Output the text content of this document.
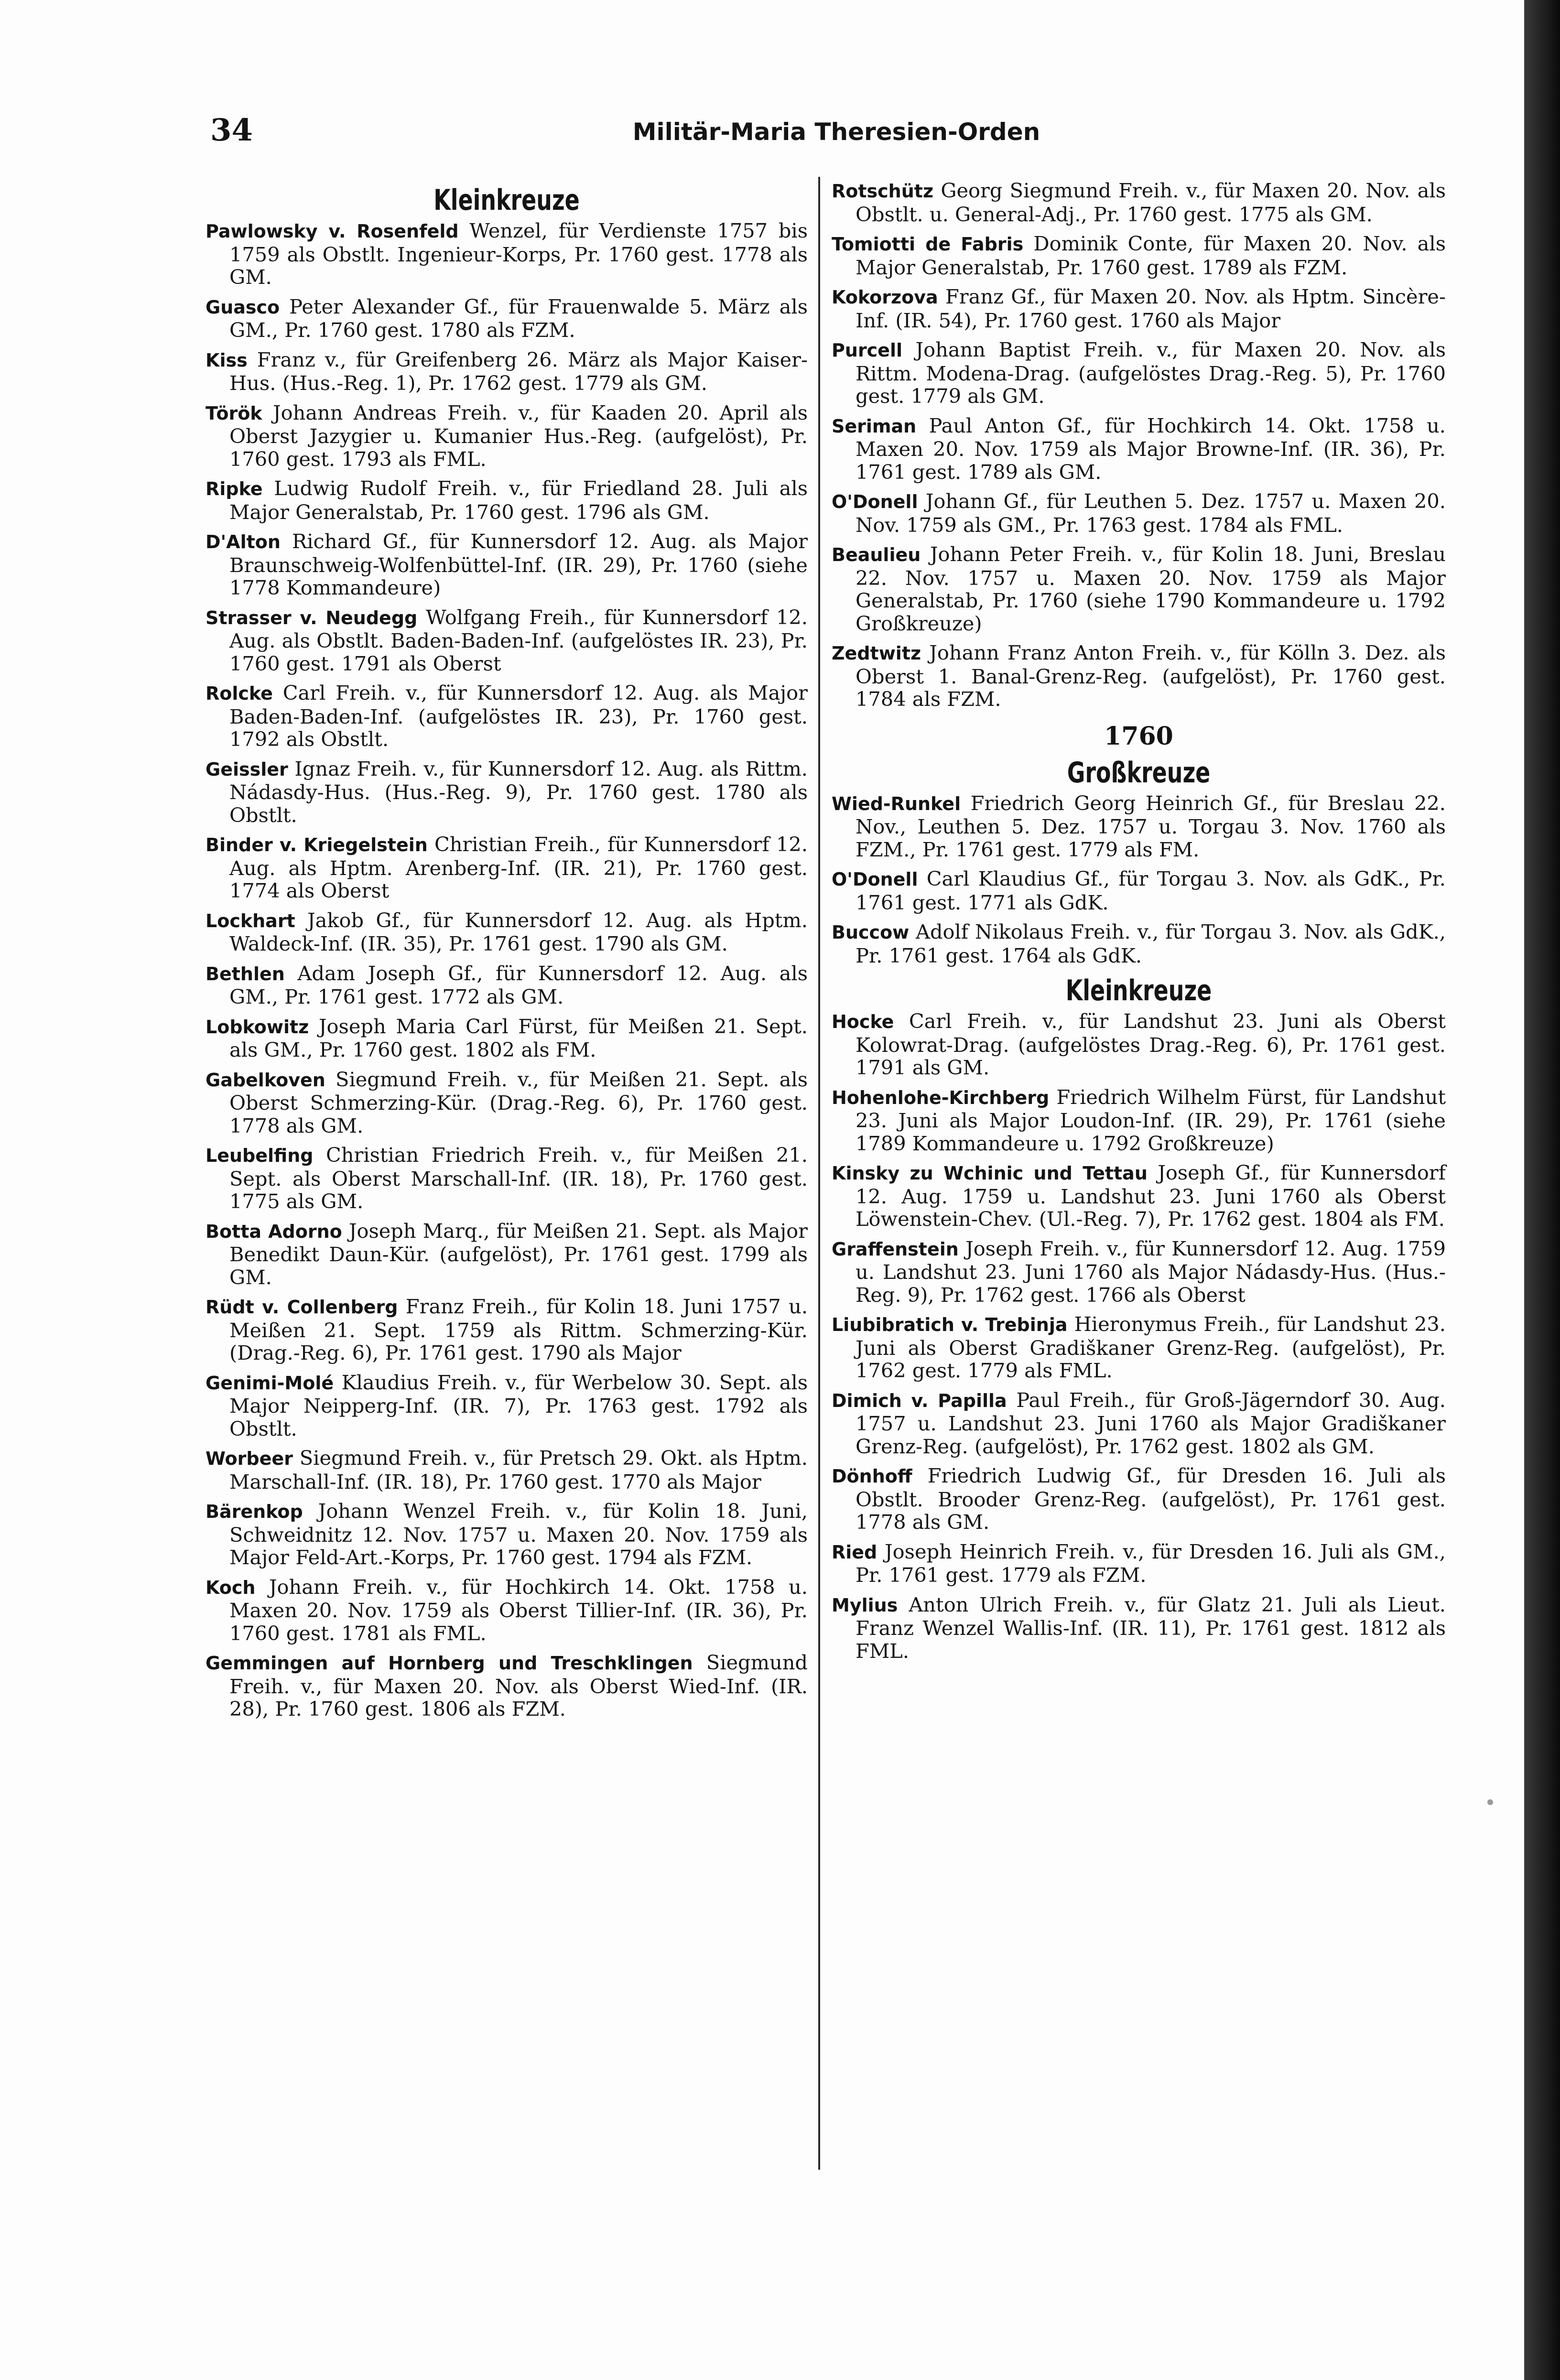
34	Militär-Maria Theresien-Orden
Kleinkreuze

Pawlowsky v. Rosenfeld Wenzel, für Verdienste 1757 bis 1759 als Obstlt. Ingenieur-Korps, Pr. 1760 gest. 1778 als GM.

Guasco Peter Alexander Gf., für Frauenwalde 5. März als GM., Pr. 1760 gest. 1780 als FZM.

Kiss Franz v., für Greifenberg 26. März als Major Kaiser-Hus. (Hus.-Reg. 1), Pr. 1762 gest. 1779 als GM.

Török Johann Andreas Freih. v., für Kaaden 20. April als Oberst Jazygier u. Kumanier Hus.-Reg. (aufgelöst), Pr. 1760 gest. 1793 als FML.

Ripke Ludwig Rudolf Freih. v., für Friedland 28. Juli als Major Generalstab, Pr. 1760 gest. 1796 als GM.

D'Alton Richard Gf., für Kunnersdorf 12. Aug. als Major Braunschweig-Wolfenbüttel-Inf. (IR. 29), Pr. 1760 (siehe 1778 Kommandeure)

Strasser v. Neudegg Wolfgang Freih., für Kunnersdorf 12. Aug. als Obstlt. Baden-Baden-Inf. (aufgelöstes IR. 23), Pr. 1760 gest. 1791 als Oberst

Rolcke Carl Freih. v., für Kunnersdorf 12. Aug. als Major Baden-Baden-Inf. (aufgelöstes IR. 23), Pr. 1760 gest. 1792 als Obstlt.

Geissler Ignaz Freih. v., für Kunnersdorf 12. Aug. als Rittm. Nádasdy-Hus. (Hus.-Reg. 9), Pr. 1760 gest. 1780 als Obstlt.

Binder v. Kriegelstein Christian Freih., für Kunnersdorf 12. Aug. als Hptm. Arenberg-Inf. (IR. 21), Pr. 1760 gest. 1774 als Oberst

Lockhart Jakob Gf., für Kunnersdorf 12. Aug. als Hptm. Waldeck-Inf. (IR. 35), Pr. 1761 gest. 1790 als GM.

Bethlen Adam Joseph Gf., für Kunnersdorf 12. Aug. als GM., Pr. 1761 gest. 1772 als GM.

Lobkowitz Joseph Maria Carl Fürst, für Meißen 21. Sept. als GM., Pr. 1760 gest. 1802 als FM.

Gabelkoven Siegmund Freih. v., für Meißen 21. Sept. als Oberst Schmerzing-Kür. (Drag.-Reg. 6), Pr. 1760 gest. 1778 als GM.

Leubelfing Christian Friedrich Freih. v., für Meißen 21. Sept. als Oberst Marschall-Inf. (IR. 18), Pr. 1760 gest. 1775 als GM.

Botta Adorno Joseph Marq., für Meißen 21. Sept. als Major Benedikt Daun-Kür. (aufgelöst), Pr. 1761 gest. 1799 als GM.

Rüdt v. Collenberg Franz Freih., für Kolin 18. Juni 1757 u. Meißen 21. Sept. 1759 als Rittm. Schmerzing-Kür. (Drag.-Reg. 6), Pr. 1761 gest. 1790 als Major

Genimi-Molé Klaudius Freih. v., für Werbelow 30. Sept. als Major Neipperg-Inf. (IR. 7), Pr. 1763 gest. 1792 als Obstlt.

Worbeer Siegmund Freih. v., für Pretsch 29. Okt. als Hptm. Marschall-Inf. (IR. 18), Pr. 1760 gest. 1770 als Major

Bärenkop Johann Wenzel Freih. v., für Kolin 18. Juni, Schweidnitz 12. Nov. 1757 u. Maxen 20. Nov. 1759 als Major Feld-Art.-Korps, Pr. 1760 gest. 1794 als FZM.

Koch Johann Freih. v., für Hochkirch 14. Okt. 1758 u. Maxen 20. Nov. 1759 als Oberst Tillier-Inf. (IR. 36), Pr. 1760 gest. 1781 als FML.

Gemmingen auf Hornberg und Treschklingen Siegmund Freih. v., für Maxen 20. Nov. als Oberst Wied-Inf. (IR. 28), Pr. 1760 gest. 1806 als FZM.

Rotschütz Georg Siegmund Freih. v., für Maxen 20. Nov. als Obstlt. u. General-Adj., Pr. 1760 gest. 1775 als GM.

Tomiotti de Fabris Dominik Conte, für Maxen 20. Nov. als Major Generalstab, Pr. 1760 gest. 1789 als FZM.

Kokorzova Franz Gf., für Maxen 20. Nov. als Hptm. Sincère-Inf. (IR. 54), Pr. 1760 gest. 1760 als Major

Purcell Johann Baptist Freih. v., für Maxen 20. Nov. als Rittm. Modena-Drag. (aufgelöstes Drag.-Reg. 5), Pr. 1760 gest. 1779 als GM.

Seriman Paul Anton Gf., für Hochkirch 14. Okt. 1758 u. Maxen 20. Nov. 1759 als Major Browne-Inf. (IR. 36), Pr. 1761 gest. 1789 als GM.

O'Donell Johann Gf., für Leuthen 5. Dez. 1757 u. Maxen 20. Nov. 1759 als GM., Pr. 1763 gest. 1784 als FML.

Beaulieu Johann Peter Freih. v., für Kolin 18. Juni, Breslau 22. Nov. 1757 u. Maxen 20. Nov. 1759 als Major Generalstab, Pr. 1760 (siehe 1790 Kommandeure u. 1792 Großkreuze)

Zedtwitz Johann Franz Anton Freih. v., für Kölln 3. Dez. als Oberst 1. Banal-Grenz-Reg. (aufgelöst), Pr. 1760 gest. 1784 als FZM.

1760
Großkreuze

Wied-Runkel Friedrich Georg Heinrich Gf., für Breslau 22. Nov., Leuthen 5. Dez. 1757 u. Torgau 3. Nov. 1760 als FZM., Pr. 1761 gest. 1779 als FM.

O'Donell Carl Klaudius Gf., für Torgau 3. Nov. als GdK., Pr. 1761 gest. 1771 als GdK.

Buccow Adolf Nikolaus Freih. v., für Torgau 3. Nov. als GdK., Pr. 1761 gest. 1764 als GdK.

Kleinkreuze

Hocke Carl Freih. v., für Landshut 23. Juni als Oberst Kolowrat-Drag. (aufgelöstes Drag.-Reg. 6), Pr. 1761 gest. 1791 als GM.

Hohenlohe-Kirchberg Friedrich Wilhelm Fürst, für Landshut 23. Juni als Major Loudon-Inf. (IR. 29), Pr. 1761 (siehe 1789 Kommandeure u. 1792 Großkreuze)

Kinsky zu Wchinic und Tettau Joseph Gf., für Kunnersdorf 12. Aug. 1759 u. Landshut 23. Juni 1760 als Oberst Löwenstein-Chev. (Ul.-Reg. 7), Pr. 1762 gest. 1804 als FM.

Graffenstein Joseph Freih. v., für Kunnersdorf 12. Aug. 1759 u. Landshut 23. Juni 1760 als Major Nádasdy-Hus. (Hus.-Reg. 9), Pr. 1762 gest. 1766 als Oberst

Liubibratich v. Trebinja Hieronymus Freih., für Landshut 23. Juni als Oberst Gradiškaner Grenz-Reg. (aufgelöst), Pr. 1762 gest. 1779 als FML.

Dimich v. Papilla Paul Freih., für Groß-Jägerndorf 30. Aug. 1757 u. Landshut 23. Juni 1760 als Major Gradiškaner Grenz-Reg. (aufgelöst), Pr. 1762 gest. 1802 als GM.

Dönhoff Friedrich Ludwig Gf., für Dresden 16. Juli als Obstlt. Brooder Grenz-Reg. (aufgelöst), Pr. 1761 gest. 1778 als GM.

Ried Joseph Heinrich Freih. v., für Dresden 16. Juli als GM., Pr. 1761 gest. 1779 als FZM.

Mylius Anton Ulrich Freih. v., für Glatz 21. Juli als Lieut. Franz Wenzel Wallis-Inf. (IR. 11), Pr. 1761 gest. 1812 als FML.
